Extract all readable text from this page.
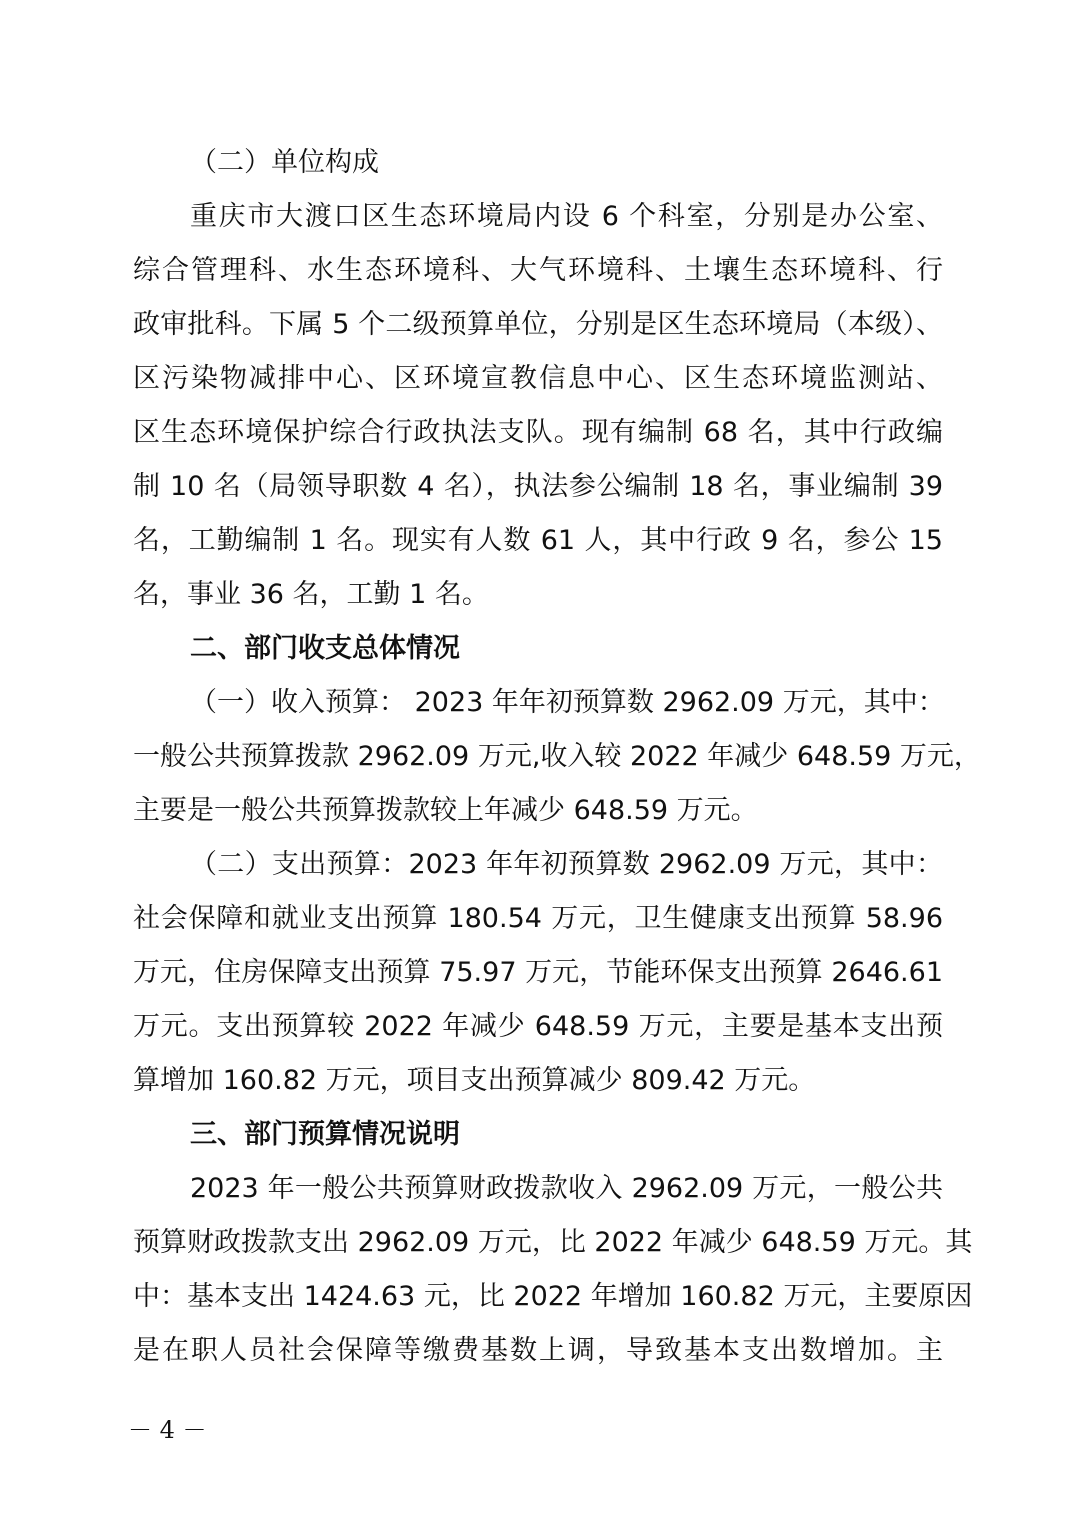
（二）单位构成
重庆市大渡口区生态环境局内设 6 个科室，分别是办公室、
综合管理科、水生态环境科、大气环境科、土壤生态环境科、行
政审批科。下属 5 个二级预算单位，分别是区生态环境局（本级）、
区污染物减排中心、区环境宣教信息中心、区生态环境监测站、
区生态环境保护综合行政执法支队。现有编制 68 名，其中行政编
制 10 名（局领导职数 4 名），执法参公编制 18 名，事业编制 39
名，工勤编制 1 名。现实有人数 61 人，其中行政 9 名，参公 15
名，事业 36 名，工勤 1 名。
二、部门收支总体情况
（一）收入预算： 2023 年年初预算数 2962.09 万元，其中：
一般公共预算拨款 2962.09 万元,收入较 2022 年减少 648.59 万元，
主要是一般公共预算拨款较上年减少 648.59 万元。
（二）支出预算：2023 年年初预算数 2962.09 万元，其中：
社会保障和就业支出预算 180.54 万元，卫生健康支出预算 58.96
万元，住房保障支出预算 75.97 万元，节能环保支出预算 2646.61
万元。支出预算较 2022 年减少 648.59 万元，主要是基本支出预
算增加 160.82 万元，项目支出预算减少 809.42 万元。
三、部门预算情况说明
2023 年一般公共预算财政拨款收入 2962.09 万元，一般公共
预算财政拨款支出 2962.09 万元，比 2022 年减少 648.59 万元。其
中：基本支出 1424.63 元，比 2022 年增加 160.82 万元，主要原因
是在职人员社会保障等缴费基数上调，导致基本支出数增加。主
－ 4 －
